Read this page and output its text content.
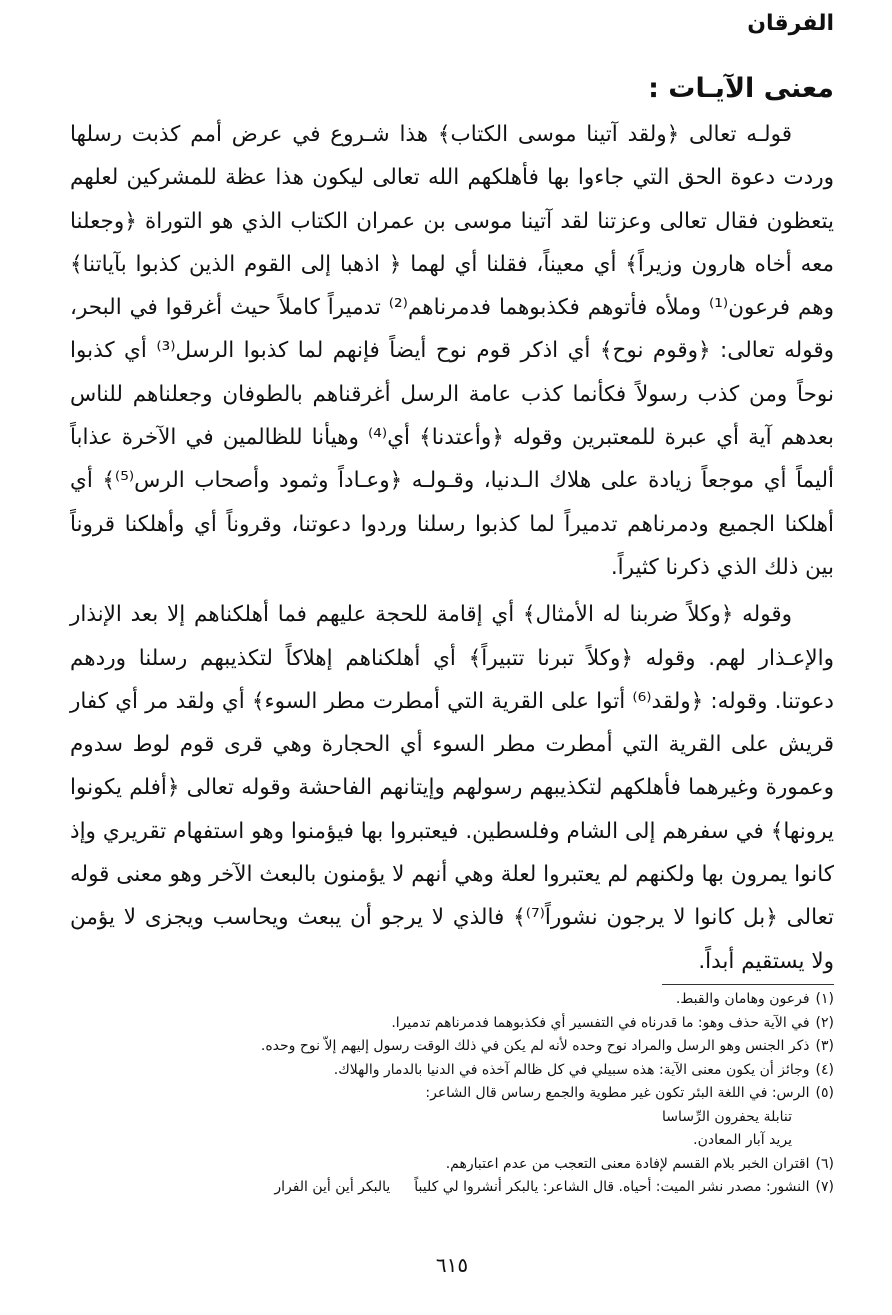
الفرقان
معنى الآيـات :

قولـه تعالى ﴿ولقد آتينا موسى الكتاب﴾ هذا شـروع في عرض أمم كذبت رسلها وردت دعوة الحق التي جاءوا بها فأهلكهم الله تعالى ليكون هذا عظة للمشركين لعلهم يتعظون فقال تعالى وعزتنا لقد آتينا موسى بن عمران الكتاب الذي هو التوراة ﴿وجعلنا معه أخاه هارون وزيراً﴾ أي معيناً، فقلنا أي لهما ﴿ اذهبا إلى القوم الذين كذبوا بآياتنا﴾ وهم فرعون⁽¹⁾ وملأه فأتوهم فكذبوهما فدمرناهم⁽²⁾ تدميراً كاملاً حيث أغرقوا في البحر، وقوله تعالى: ﴿وقوم نوح﴾ أي اذكر قوم نوح أيضاً فإنهم لما كذبوا الرسل⁽³⁾ أي كذبوا نوحاً ومن كذب رسولاً فكأنما كذب عامة الرسل أغرقناهم بالطوفان وجعلناهم للناس بعدهم آية أي عبرة للمعتبرين وقوله ﴿وأعتدنا﴾ أي⁽⁴⁾ وهيأنا للظالمين في الآخرة عذاباً أليماً أي موجعاً زيادة على هلاك الـدنيا، وقـولـه ﴿وعـاداً وثمود وأصحاب الرس⁽⁵⁾﴾ أي أهلكنا الجميع ودمرناهم تدميراً لما كذبوا رسلنا وردوا دعوتنا، وقروناً أي وأهلكنا قروناً بين ذلك الذي ذكرنا كثيراً.

وقوله ﴿وكلاً ضربنا له الأمثال﴾ أي إقامة للحجة عليهم فما أهلكناهم إلا بعد الإنذار والإعـذار لهم. وقوله ﴿وكلاً تبرنا تتبيراً﴾ أي أهلكناهم إهلاكاً لتكذيبهم رسلنا وردهم دعوتنا. وقوله: ﴿ولقد⁽⁶⁾ أتوا على القرية التي أمطرت مطر السوء﴾ أي ولقد مر أي كفار قريش على القرية التي أمطرت مطر السوء أي الحجارة وهي قرى قوم لوط سدوم وعمورة وغيرهما فأهلكهم لتكذيبهم رسولهم وإيتانهم الفاحشة وقوله تعالى ﴿أفلم يكونوا يرونها﴾ في سفرهم إلى الشام وفلسطين. فيعتبروا بها فيؤمنوا وهو استفهام تقريري وإذ كانوا يمرون بها ولكنهم لم يعتبروا لعلة وهي أنهم لا يؤمنون بالبعث الآخر وهو معنى قوله تعالى ﴿بل كانوا لا يرجون نشوراً⁽⁷⁾﴾ فالذي لا يرجو أن يبعث ويحاسب ويجزى لا يؤمن ولا يستقيم أبداً.

(١)فرعون وهامان والقبط.
(٢)في الآية حذف وهو: ما قدرناه في التفسير أي فكذبوهما فدمرناهم تدميرا.
(٣)ذكر الجنس وهو الرسل والمراد نوح وحده لأنه لم يكن في ذلك الوقت رسول إليهم إلاّ نوح وحده.
(٤)وجائز أن يكون معنى الآية: هذه سبيلي في كل ظالم آخذه في الدنيا بالدمار والهلاك.
(٥)الرس: في اللغة البئر تكون غير مطوية والجمع رساس قال الشاعر:
تنابلة يحفرون الرِّساسا
يريد آبار المعادن.
(٦)اقتران الخبر بلام القسم لإفادة معنى التعجب من عدم اعتبارهم.
(٧)النشور: مصدر نشر الميت: أحياه. قال الشاعر: يالبكر أنشروا لي كليباًيالبكر أين أين الفرار
٦١٥
